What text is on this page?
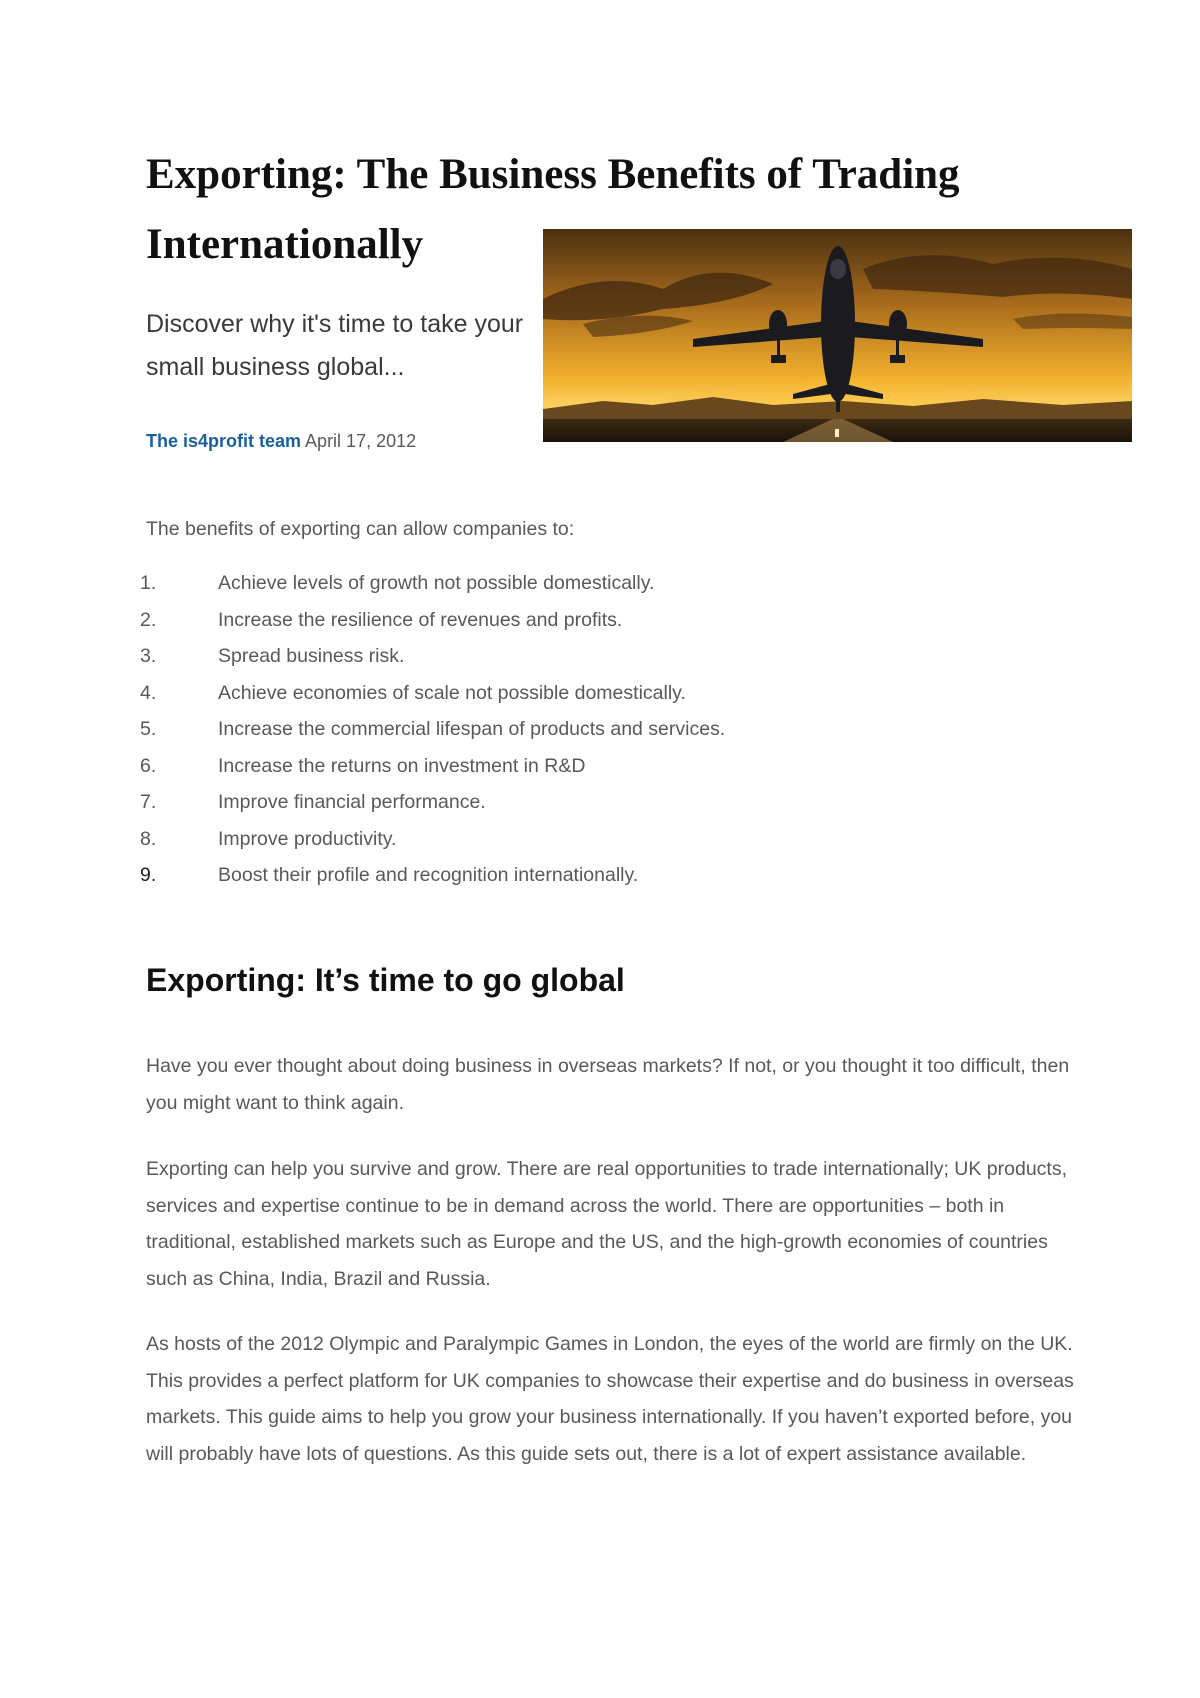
Exporting: The Business Benefits of Trading Internationally

Discover why it's time to take your small business global...

The is4profit team April 17, 2012

The benefits of exporting can allow companies to:

1.	Achieve levels of growth not possible domestically.
2.	Increase the resilience of revenues and profits.
3.	Spread business risk.
4.	Achieve economies of scale not possible domestically.
5.	Increase the commercial lifespan of products and services.
6.	Increase the returns on investment in R&D
7.	Improve financial performance.
8.	Improve productivity.
9.	Boost their profile and recognition internationally.
Exporting: It’s time to go global

Have you ever thought about doing business in overseas markets? If not, or you thought it too difficult, then you might want to think again.

Exporting can help you survive and grow. There are real opportunities to trade internationally; UK products, services and expertise continue to be in demand across the world. There are opportunities – both in traditional, established markets such as Europe and the US, and the high-growth economies of countries such as China, India, Brazil and Russia.

As hosts of the 2012 Olympic and Paralympic Games in London, the eyes of the world are firmly on the UK. This provides a perfect platform for UK companies to showcase their expertise and do business in overseas markets. This guide aims to help you grow your business internationally. If you haven’t exported before, you will probably have lots of questions. As this guide sets out, there is a lot of expert assistance available.
